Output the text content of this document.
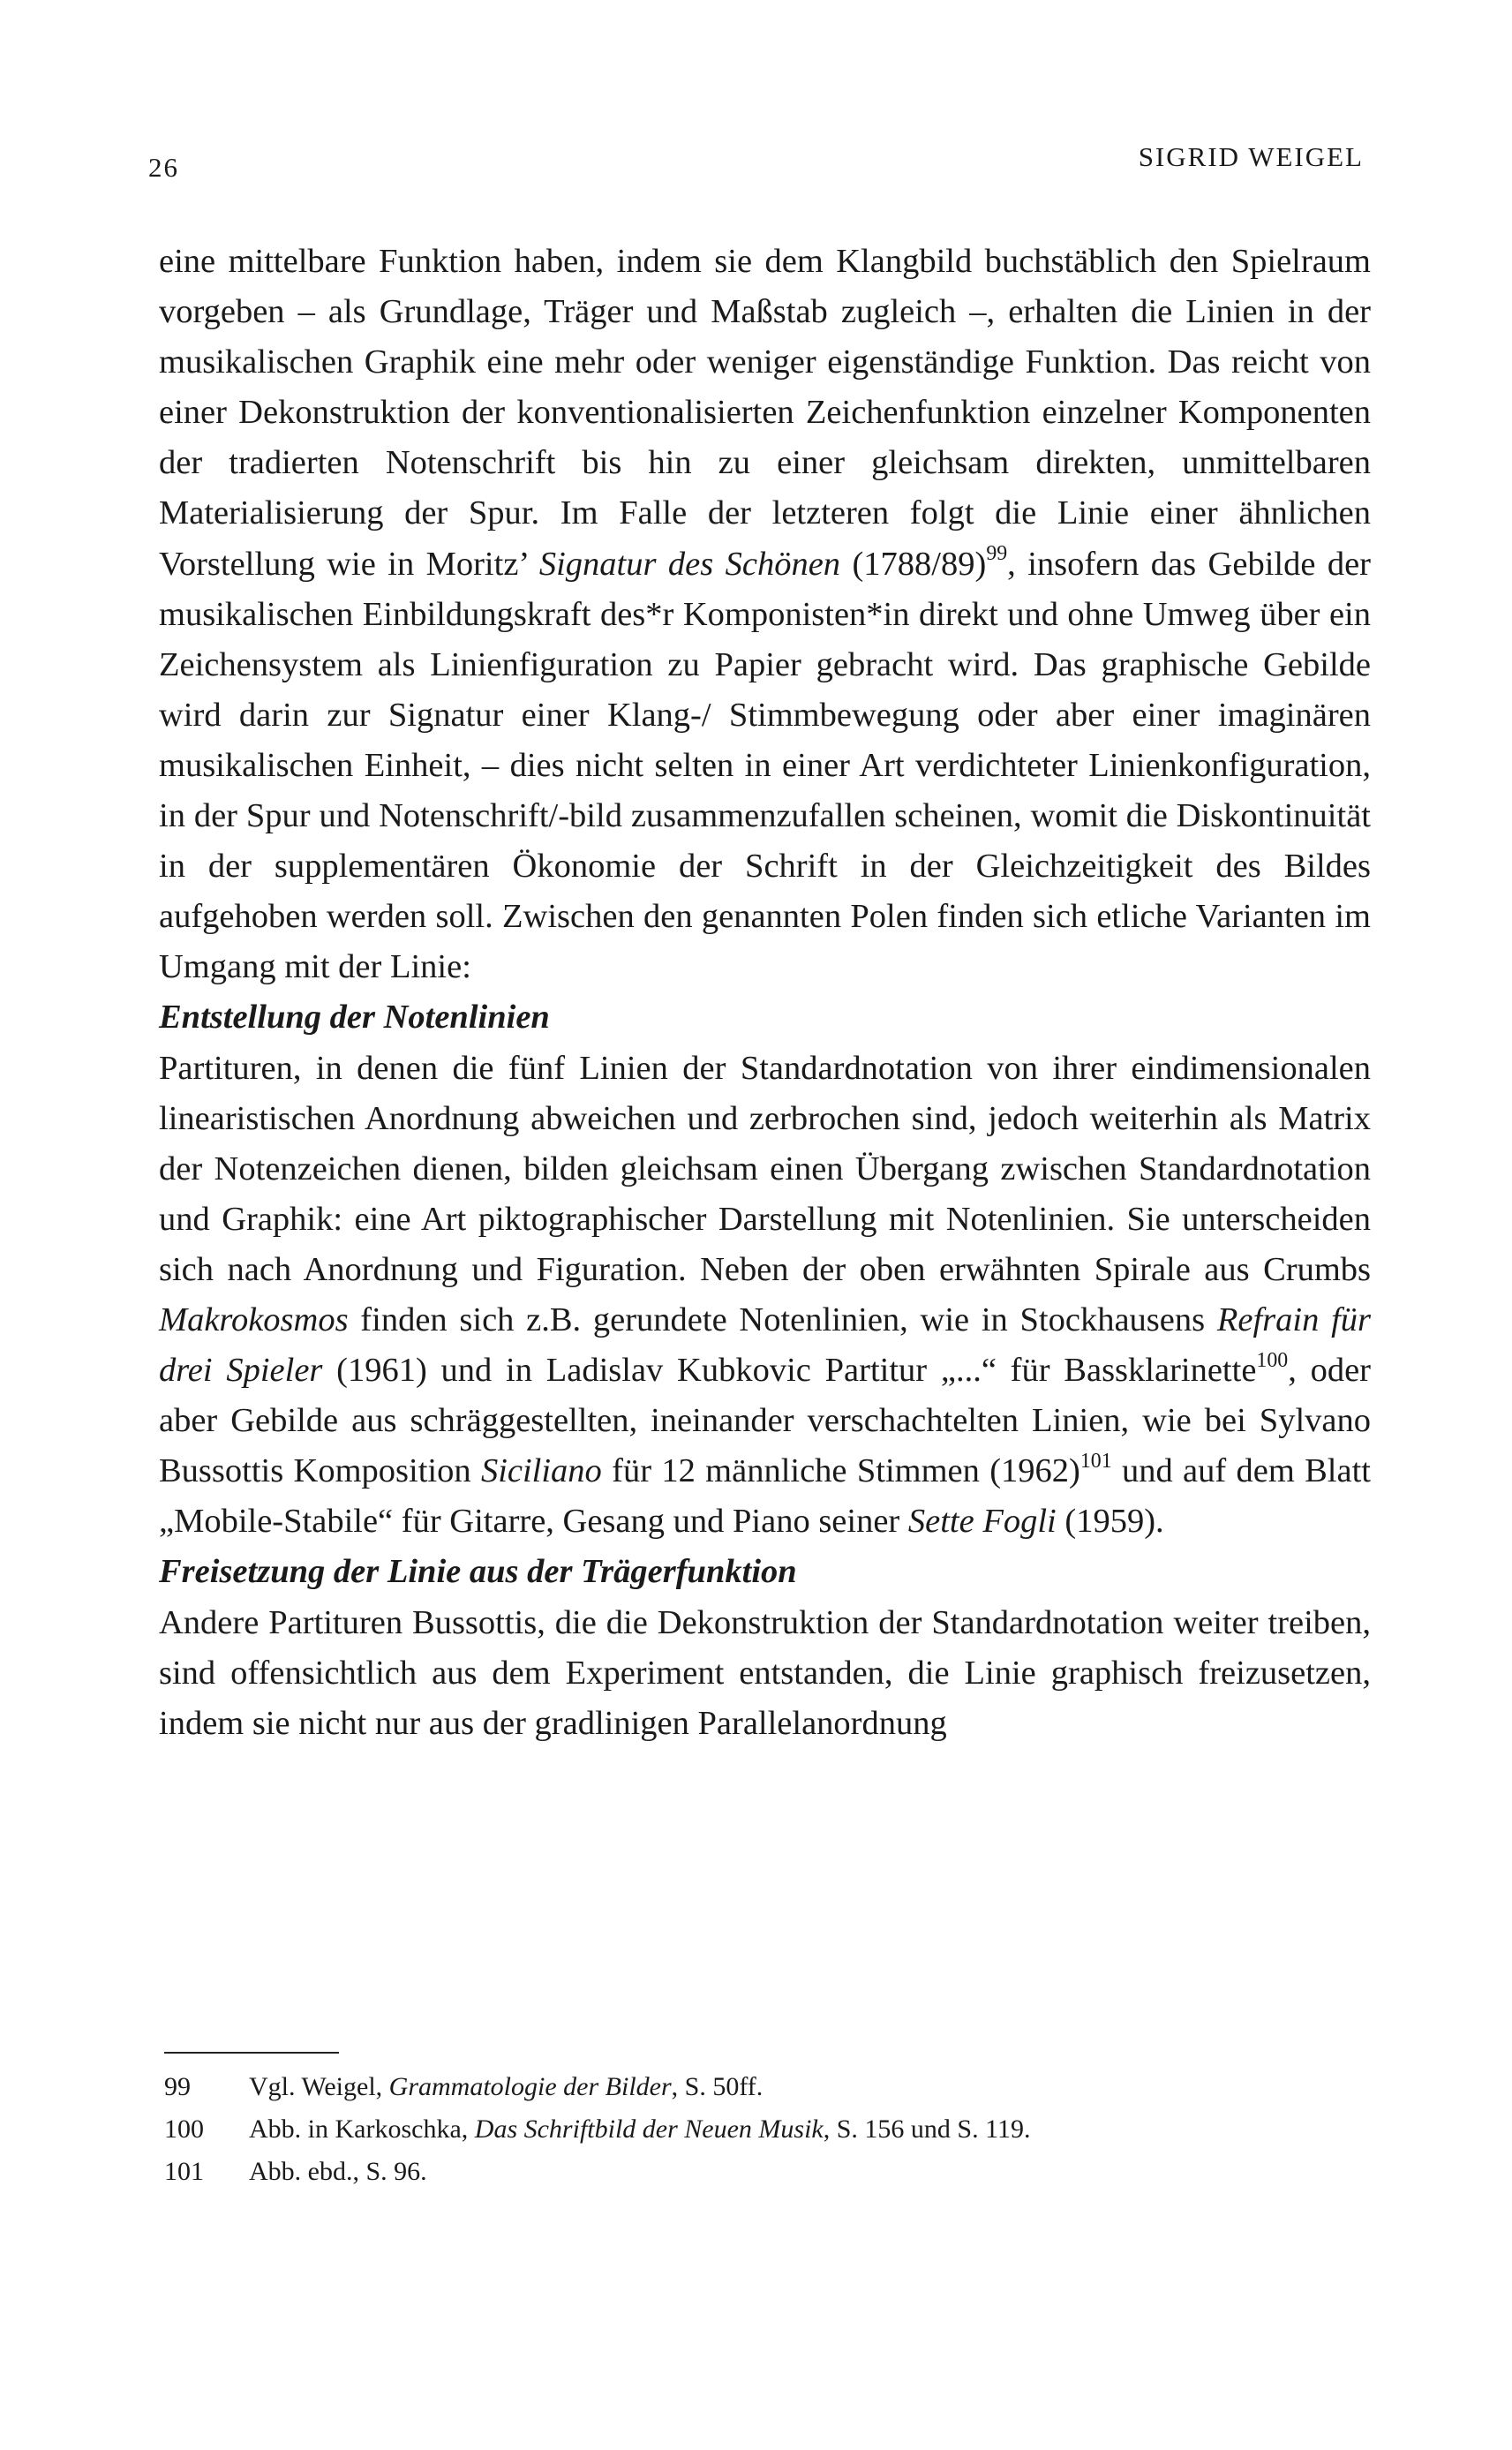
26	SIGRID WEIGEL

eine mittelbare Funktion haben, indem sie dem Klangbild buchstäblich den Spielraum vorgeben – als Grundlage, Träger und Maßstab zugleich –, erhalten die Linien in der musikalischen Graphik eine mehr oder weniger eigenständige Funktion. Das reicht von einer Dekonstruktion der konventionalisierten Zeichenfunktion einzelner Komponenten der tradierten Notenschrift bis hin zu einer gleichsam direkten, unmittelbaren Materialisierung der Spur. Im Falle der letzteren folgt die Linie einer ähnlichen Vorstellung wie in Moritz’ Signatur des Schönen $(1788/89)^{99}$, insofern das Gebilde der musikalischen Einbildungskraft des*r Komponisten*in direkt und ohne Umweg über ein Zeichensystem als Linienfiguration zu Papier gebracht wird. Das graphische Gebilde wird darin zur Signatur einer Klang-/ Stimmbewegung oder aber einer imaginären musikalischen Einheit, – dies nicht selten in einer Art verdichteter Linienkonfiguration, in der Spur und Notenschrift/-bild zusammenzufallen scheinen, womit die Diskontinuität in der supplementären Ökonomie der Schrift in der Gleichzeitigkeit des Bildes aufgehoben werden soll. Zwischen den genannten Polen finden sich etliche Varianten im Umgang mit der Linie:

Entstellung der Notenlinien

Partituren, in denen die fünf Linien der Standardnotation von ihrer eindimensionalen linearistischen Anordnung abweichen und zerbrochen sind, jedoch weiterhin als Matrix der Notenzeichen dienen, bilden gleichsam einen Übergang zwischen Standardnotation und Graphik: eine Art piktographischer Darstellung mit Notenlinien. Sie unterscheiden sich nach Anordnung und Figuration. Neben der oben erwähnten Spirale aus Crumbs Makrokosmos finden sich z.B. gerundete Notenlinien, wie in Stockhausens Refrain für drei Spieler (1961) und in Ladislav Kubkovic Partitur „...“ für Bassklarinette$^{100}$, oder aber Gebilde aus schräggestellten, ineinander verschachtelten Linien, wie bei Sylvano Bussottis Komposition Siciliano für 12 männliche Stimmen $(1962)^{101}$ und auf dem Blatt „Mobile-Stabile“ für Gitarre, Gesang und Piano seiner Sette Fogli (1959).

Freisetzung der Linie aus der Trägerfunktion

Andere Partituren Bussottis, die die Dekonstruktion der Standardnotation weiter treiben, sind offensichtlich aus dem Experiment entstanden, die Linie graphisch freizusetzen, indem sie nicht nur aus der gradlinigen Parallelanordnung

99 Vgl. Weigel, Grammatologie der Bilder, S. 50ff.
100 Abb. in Karkoschka, Das Schriftbild der Neuen Musik, S. 156 und S. 119.
101 Abb. ebd., S. 96.
